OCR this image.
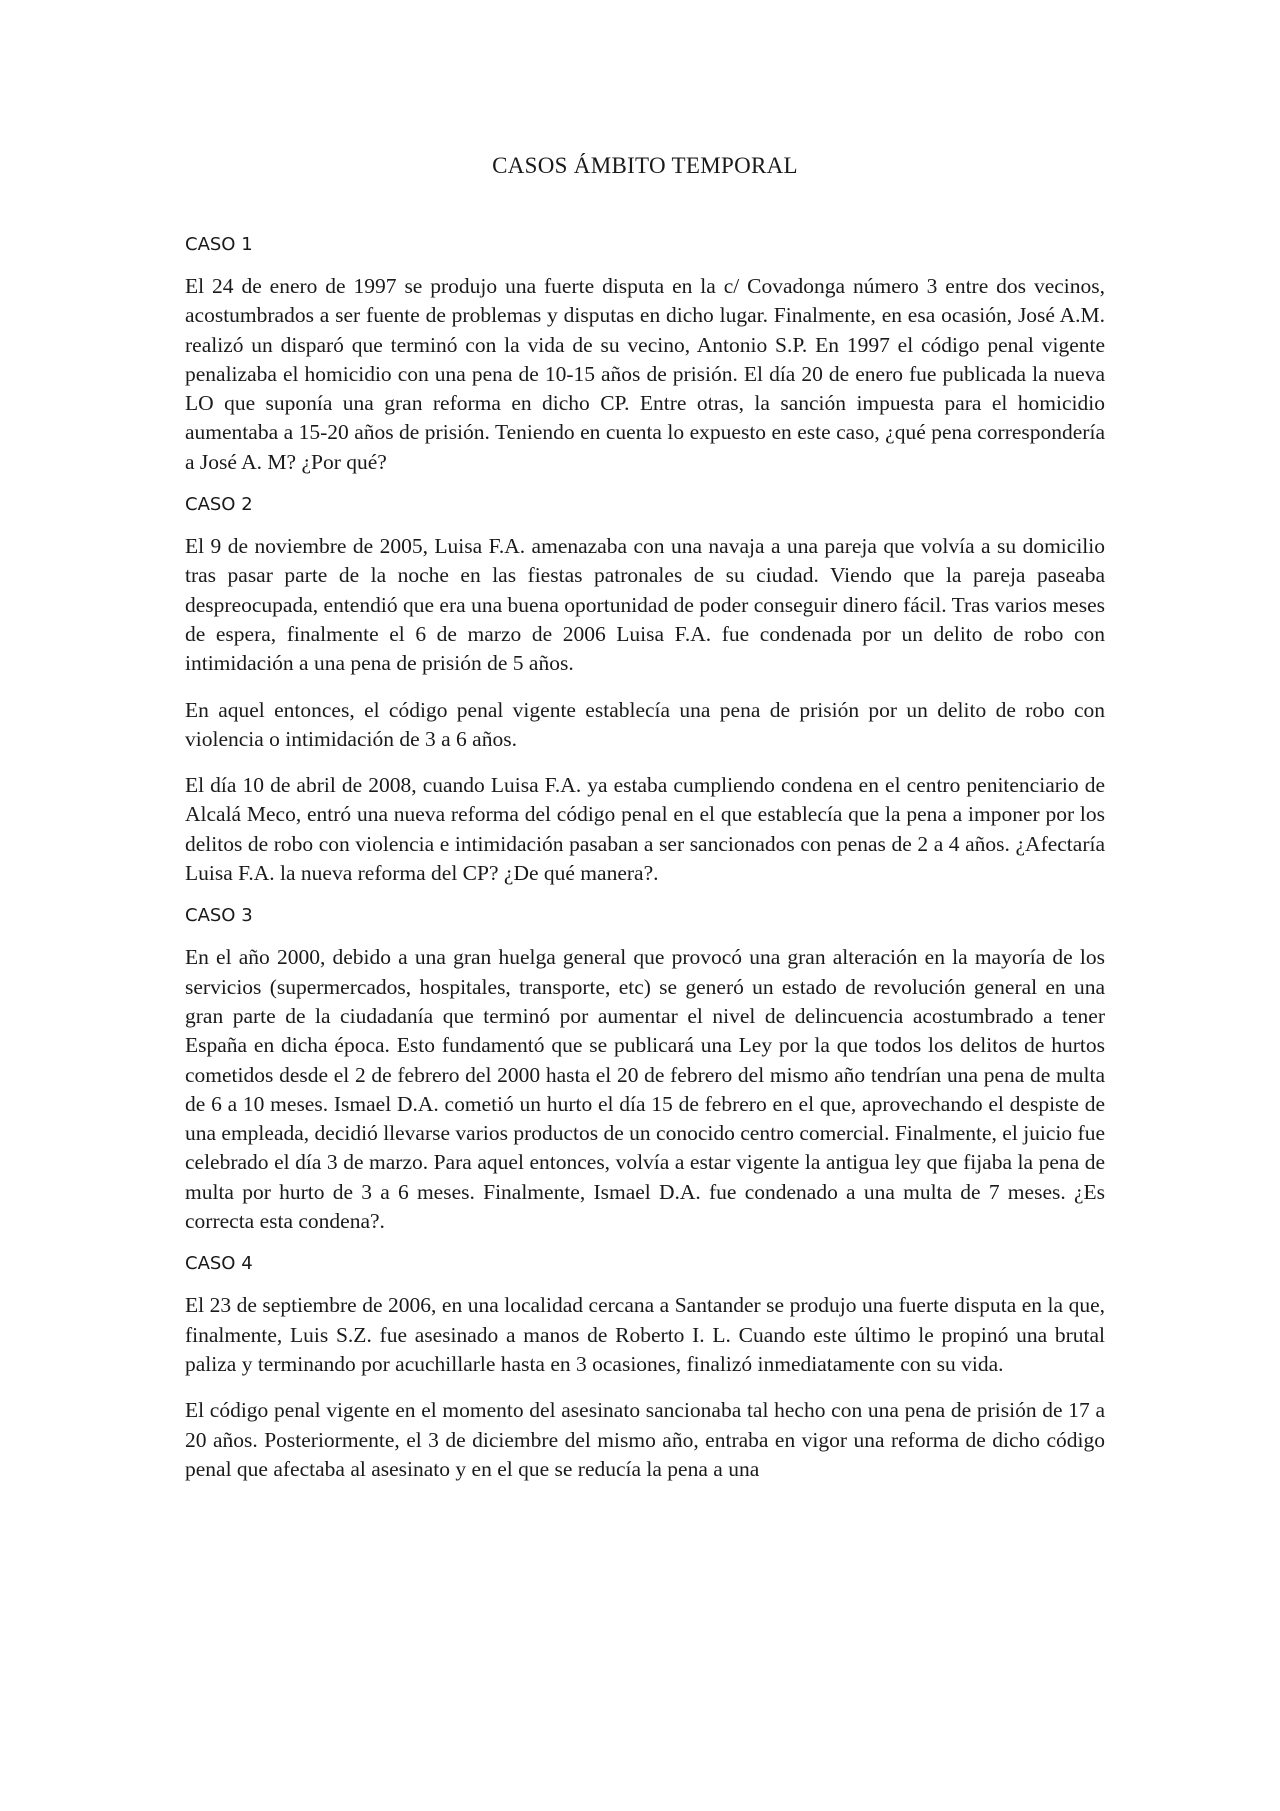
CASOS ÁMBITO TEMPORAL
CASO 1

El 24 de enero de 1997 se produjo una fuerte disputa en la c/ Covadonga número 3 entre dos vecinos, acostumbrados a ser fuente de problemas y disputas en dicho lugar. Finalmente, en esa ocasión, José A.M. realizó un disparó que terminó con la vida de su vecino, Antonio S.P. En 1997 el código penal vigente penalizaba el homicidio con una pena de 10-15 años de prisión. El día 20 de enero fue publicada la nueva LO que suponía una gran reforma en dicho CP. Entre otras, la sanción impuesta para el homicidio aumentaba a 15-20 años de prisión. Teniendo en cuenta lo expuesto en este caso, ¿qué pena correspondería a José A. M? ¿Por qué?

CASO 2

El 9 de noviembre de 2005, Luisa F.A. amenazaba con una navaja a una pareja que volvía a su domicilio tras pasar parte de la noche en las fiestas patronales de su ciudad. Viendo que la pareja paseaba despreocupada, entendió que era una buena oportunidad de poder conseguir dinero fácil. Tras varios meses de espera, finalmente el 6 de marzo de 2006 Luisa F.A. fue condenada por un delito de robo con intimidación a una pena de prisión de 5 años.

En aquel entonces, el código penal vigente establecía una pena de prisión por un delito de robo con violencia o intimidación de 3 a 6 años.

El día 10 de abril de 2008, cuando Luisa F.A. ya estaba cumpliendo condena en el centro penitenciario de Alcalá Meco, entró una nueva reforma del código penal en el que establecía que la pena a imponer por los delitos de robo con violencia e intimidación pasaban a ser sancionados con penas de 2 a 4 años. ¿Afectaría Luisa F.A. la nueva reforma del CP? ¿De qué manera?.

CASO 3

En el año 2000, debido a una gran huelga general que provocó una gran alteración en la mayoría de los servicios (supermercados, hospitales, transporte, etc) se generó un estado de revolución general en una gran parte de la ciudadanía que terminó por aumentar el nivel de delincuencia acostumbrado a tener España en dicha época. Esto fundamentó que se publicará una Ley por la que todos los delitos de hurtos cometidos desde el 2 de febrero del 2000 hasta el 20 de febrero del mismo año tendrían una pena de multa de 6 a 10 meses. Ismael D.A. cometió un hurto el día 15 de febrero en el que, aprovechando el despiste de una empleada, decidió llevarse varios productos de un conocido centro comercial. Finalmente, el juicio fue celebrado el día 3 de marzo. Para aquel entonces, volvía a estar vigente la antigua ley que fijaba la pena de multa por hurto de 3 a 6 meses. Finalmente, Ismael D.A. fue condenado a una multa de 7 meses. ¿Es correcta esta condena?.

CASO 4

El 23 de septiembre de 2006, en una localidad cercana a Santander se produjo una fuerte disputa en la que, finalmente, Luis S.Z. fue asesinado a manos de Roberto I. L. Cuando este último le propinó una brutal paliza y terminando por acuchillarle hasta en 3 ocasiones, finalizó inmediatamente con su vida.

El código penal vigente en el momento del asesinato sancionaba tal hecho con una pena de prisión de 17 a 20 años. Posteriormente, el 3 de diciembre del mismo año, entraba en vigor una reforma de dicho código penal que afectaba al asesinato y en el que se reducía la pena a una
